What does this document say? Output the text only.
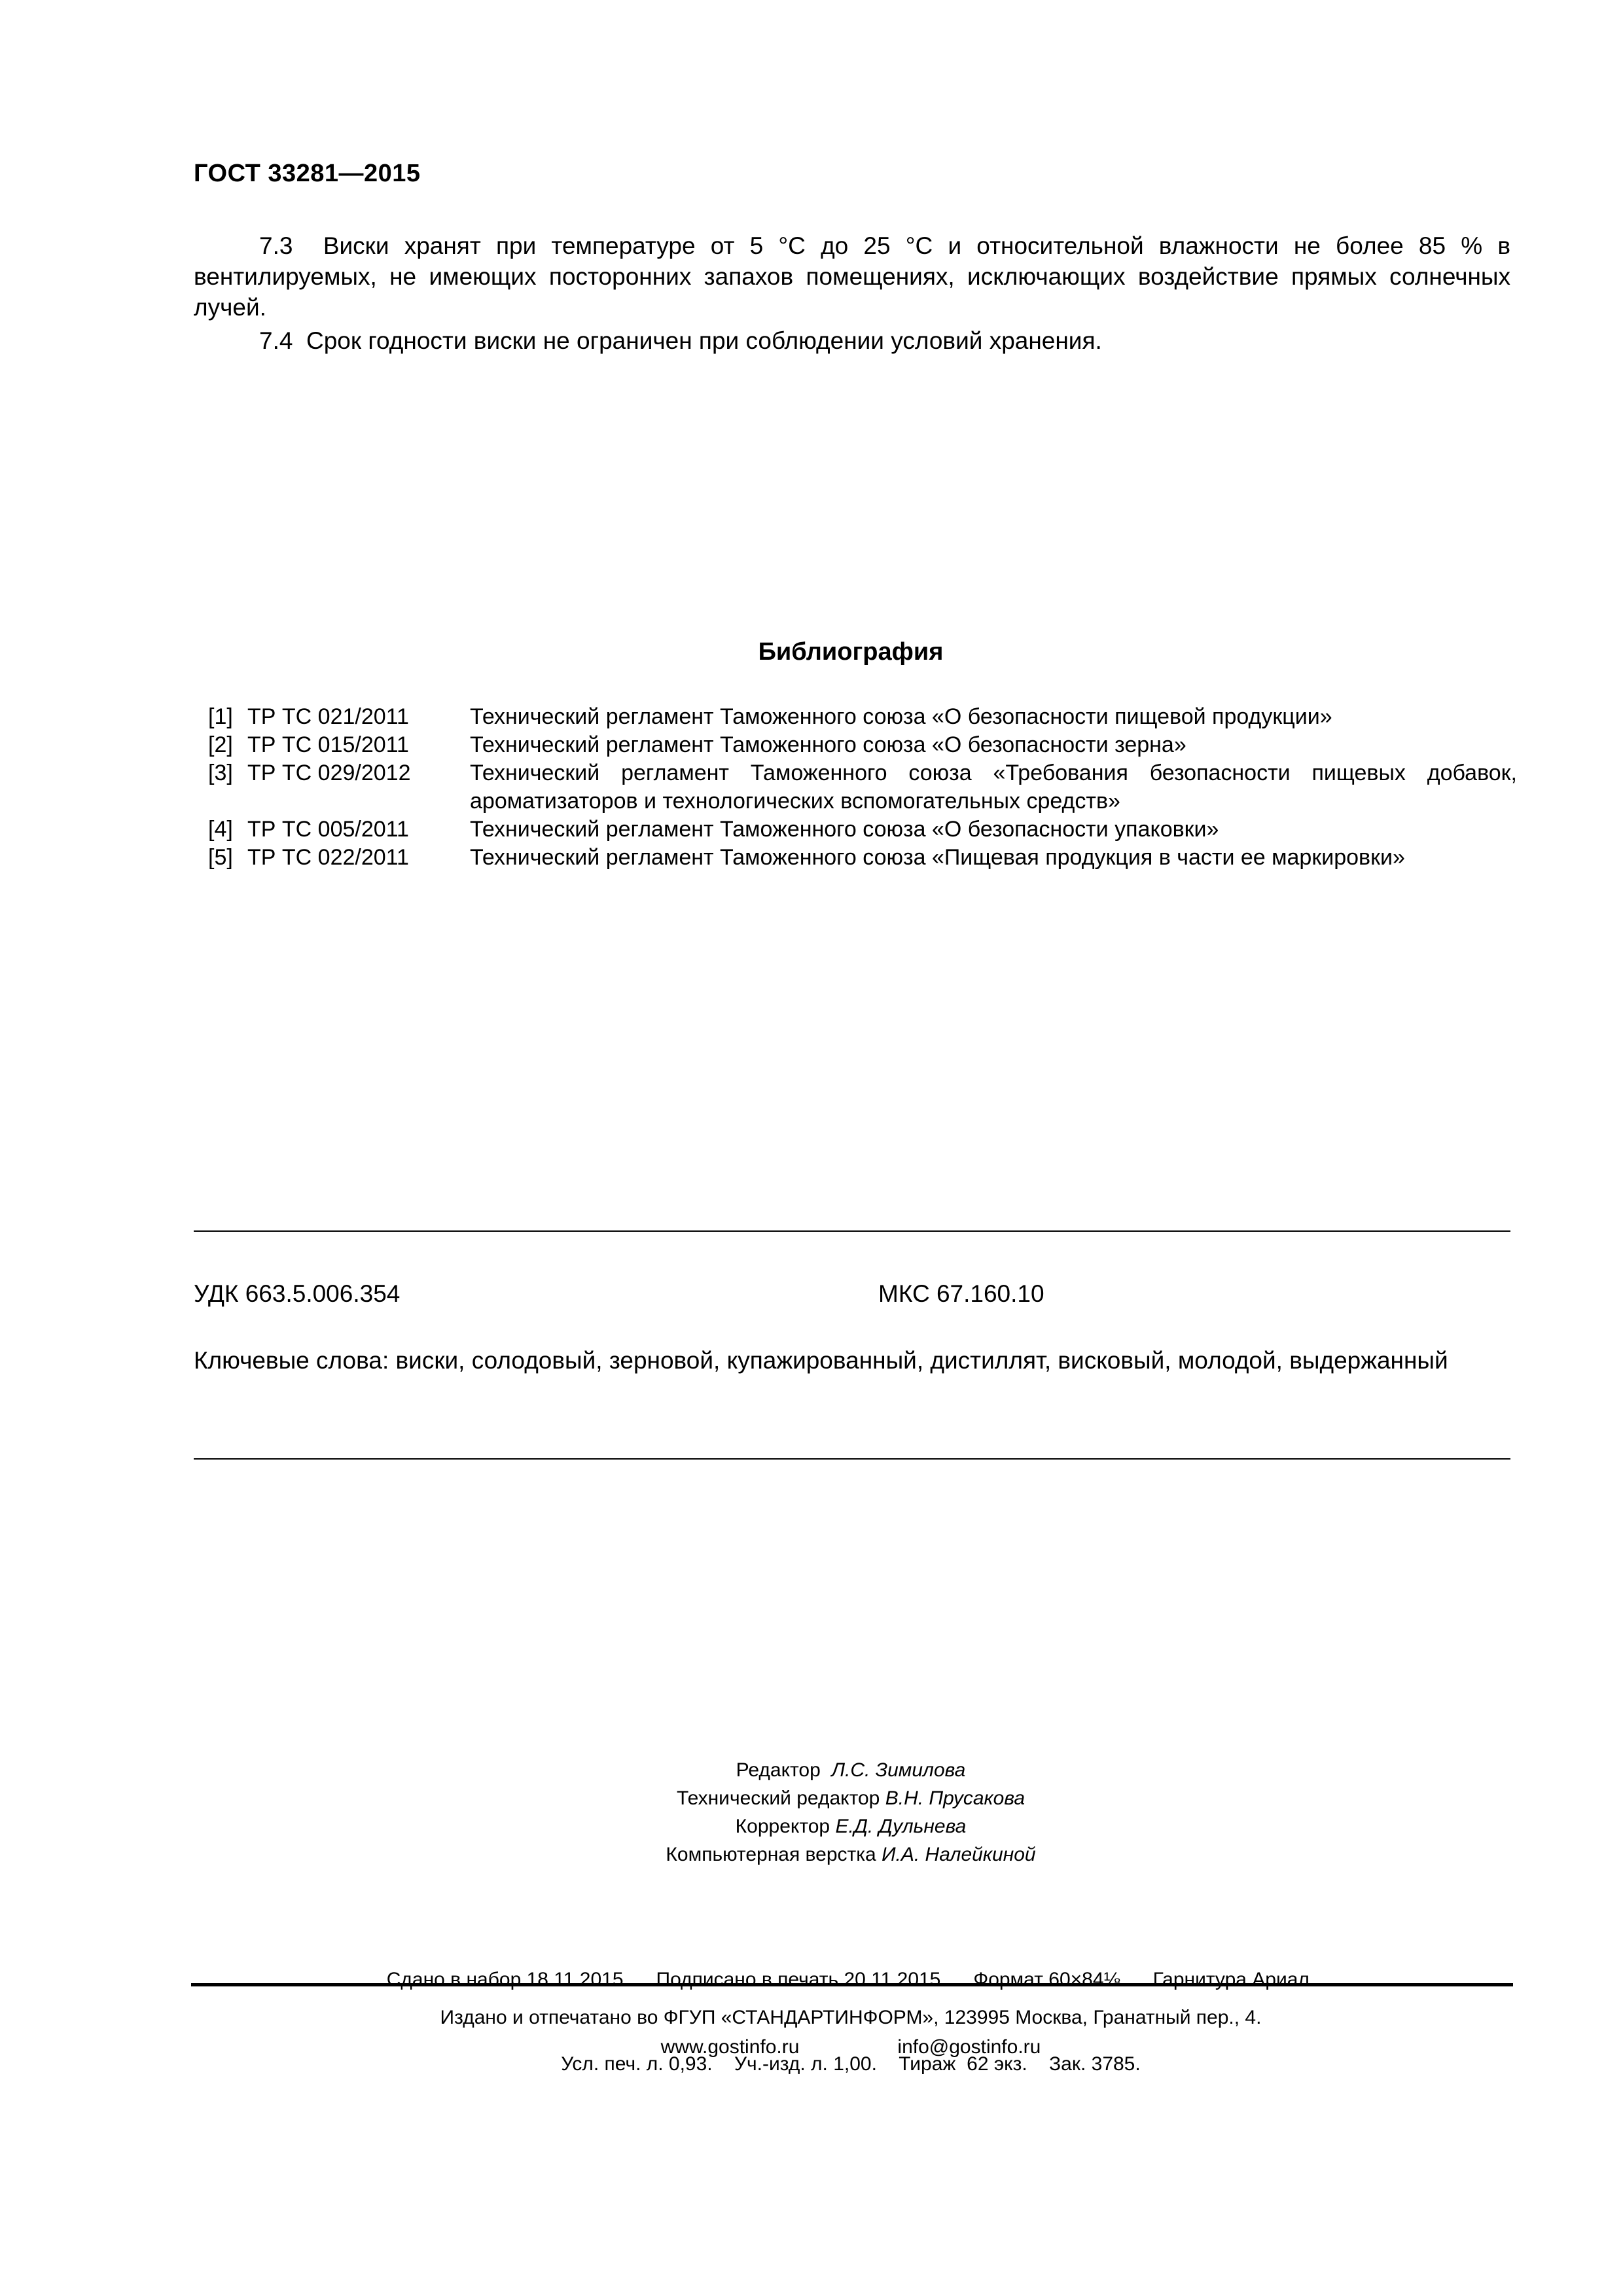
ГОСТ 33281—2015
7.3 Виски хранят при температуре от 5 °С до 25 °С и относительной влажности не более 85 % в вентилируемых, не имеющих посторонних запахов помещениях, исключающих воздействие прямых солнечных лучей.
7.4 Срок годности виски не ограничен при соблюдении условий хранения.
Библиография
[1] ТР ТС 021/2011	Технический регламент Таможенного союза «О безопасности пищевой продукции»
[2] ТР ТС 015/2011	Технический регламент Таможенного союза «О безопасности зерна»
[3] ТР ТС 029/2012	Технический регламент Таможенного союза «Требования безопасности пищевых добавок, ароматизаторов и технологических вспомогательных средств»
[4] ТР ТС 005/2011	Технический регламент Таможенного союза «О безопасности упаковки»
[5] ТР ТС 022/2011	Технический регламент Таможенного союза «Пищевая продукция в части ее маркировки»
УДК 663.5.006.354	МКС 67.160.10
Ключевые слова: виски, солодовый, зерновой, купажированный, дистиллят, висковый, молодой, выдержанный
Редактор Л.С. Зимилова
Технический редактор В.Н. Прусакова
Корректор Е.Д. Дульнева
Компьютерная верстка И.А. Налейкиной

Сдано в набор 18.11.2015.     Подписано в печать 20.11.2015.     Формат 60×84⅛.     Гарнитура Ариал.

Усл. печ. л. 0,93.    Уч.-изд. л. 1,00.    Тираж  62 экз.    Зак. 3785.

Издано и отпечатано во ФГУП «СТАНДАРТИНФОРМ», 123995 Москва, Гранатный пер., 4.
www.gostinfo.ru	info@gostinfo.ru
